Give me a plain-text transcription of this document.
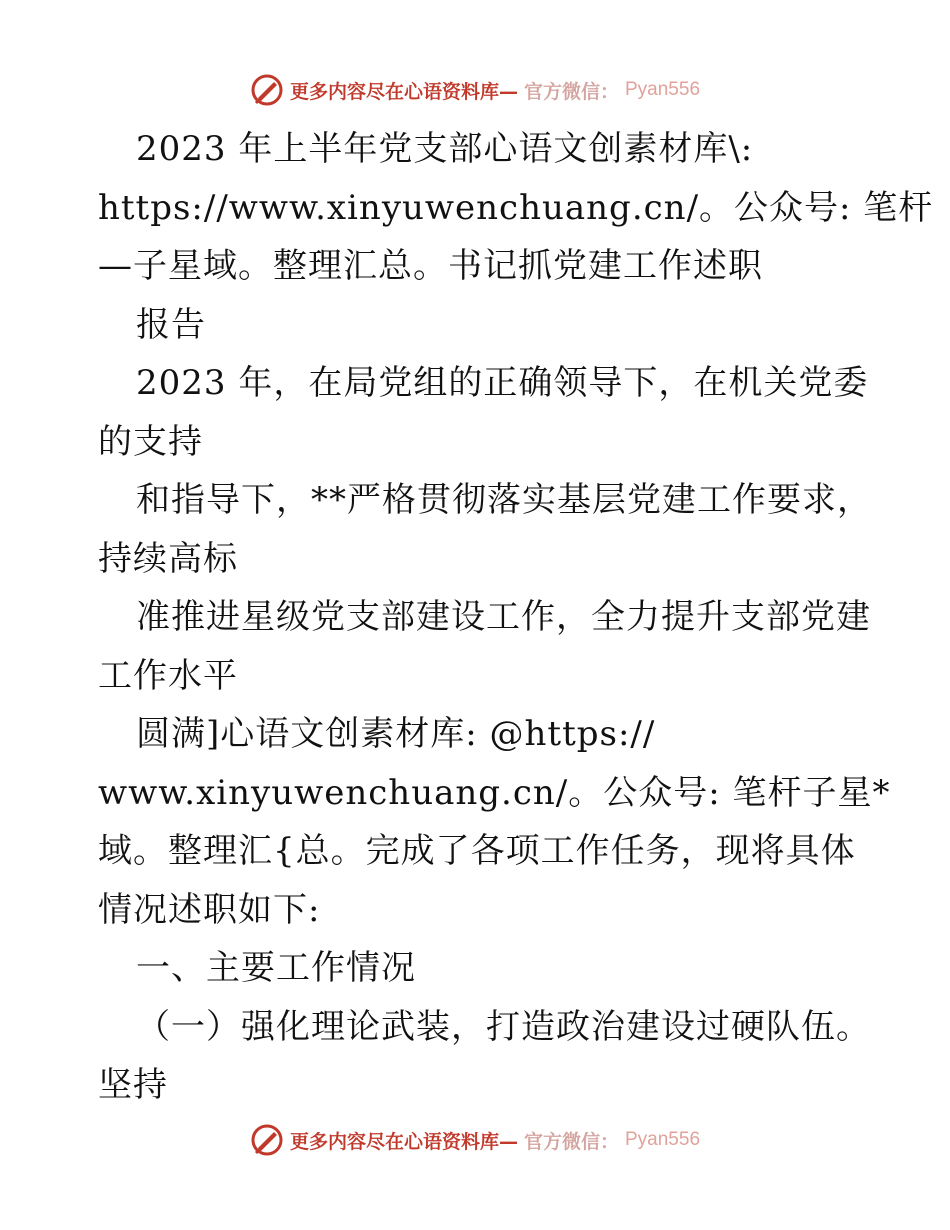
更多内容尽在心语资料库— 官方微信： Pyan556
2023 年上半年党支部心语文创素材库\:
https://www.xinyuwenchuang.cn/。公众号: 笔杆
—子星域。整理汇总。书记抓党建工作述职
报告
2023 年，在局党组的正确领导下，在机关党委
的支持
和指导下，**严格贯彻落实基层党建工作要求，
持续高标
准推进星级党支部建设工作，全力提升支部党建
工作水平
圆满]心语文创素材库: @https://
www.xinyuwenchuang.cn/。公众号: 笔杆子星*
域。整理汇{总。完成了各项工作任务，现将具体
情况述职如下:
一、主要工作情况
（一）强化理论武装，打造政治建设过硬队伍。
坚持
更多内容尽在心语资料库— 官方微信： Pyan556
